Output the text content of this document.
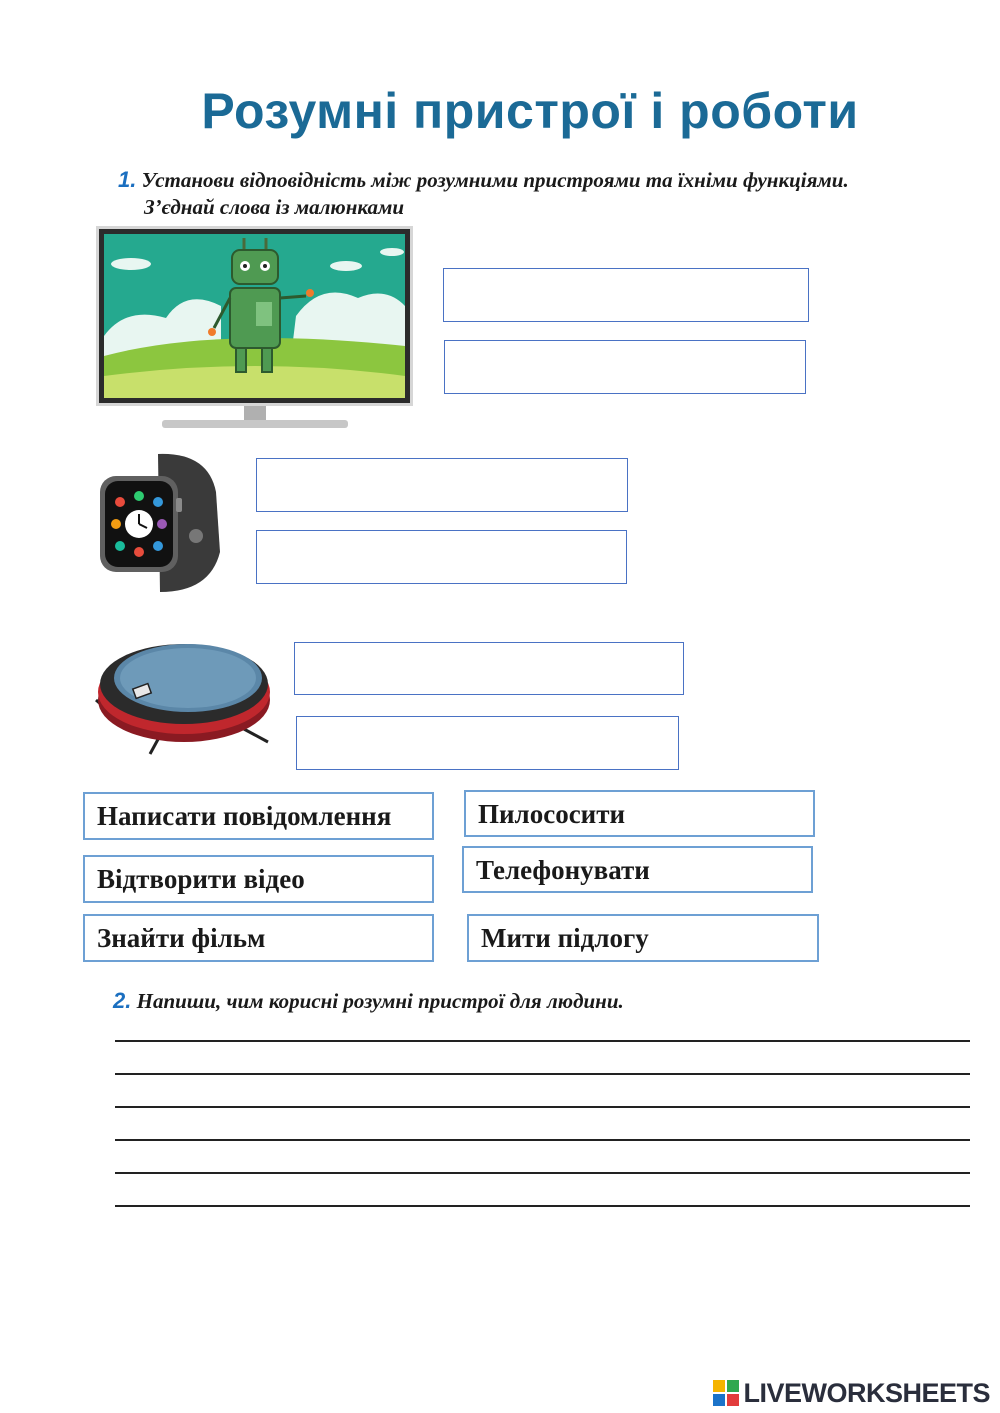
Розумні пристрої і роботи
1. Установи відповідність між розумними пристроями та їхніми функціями.
З’єднай слова із малюнками
Написати повідомлення
Відтворити відео
Знайти фільм
Пилососити
Телефонувати
Мити підлогу
2. Напиши, чим корисні розумні пристрої для людини.
LIVEWORKSHEETS
